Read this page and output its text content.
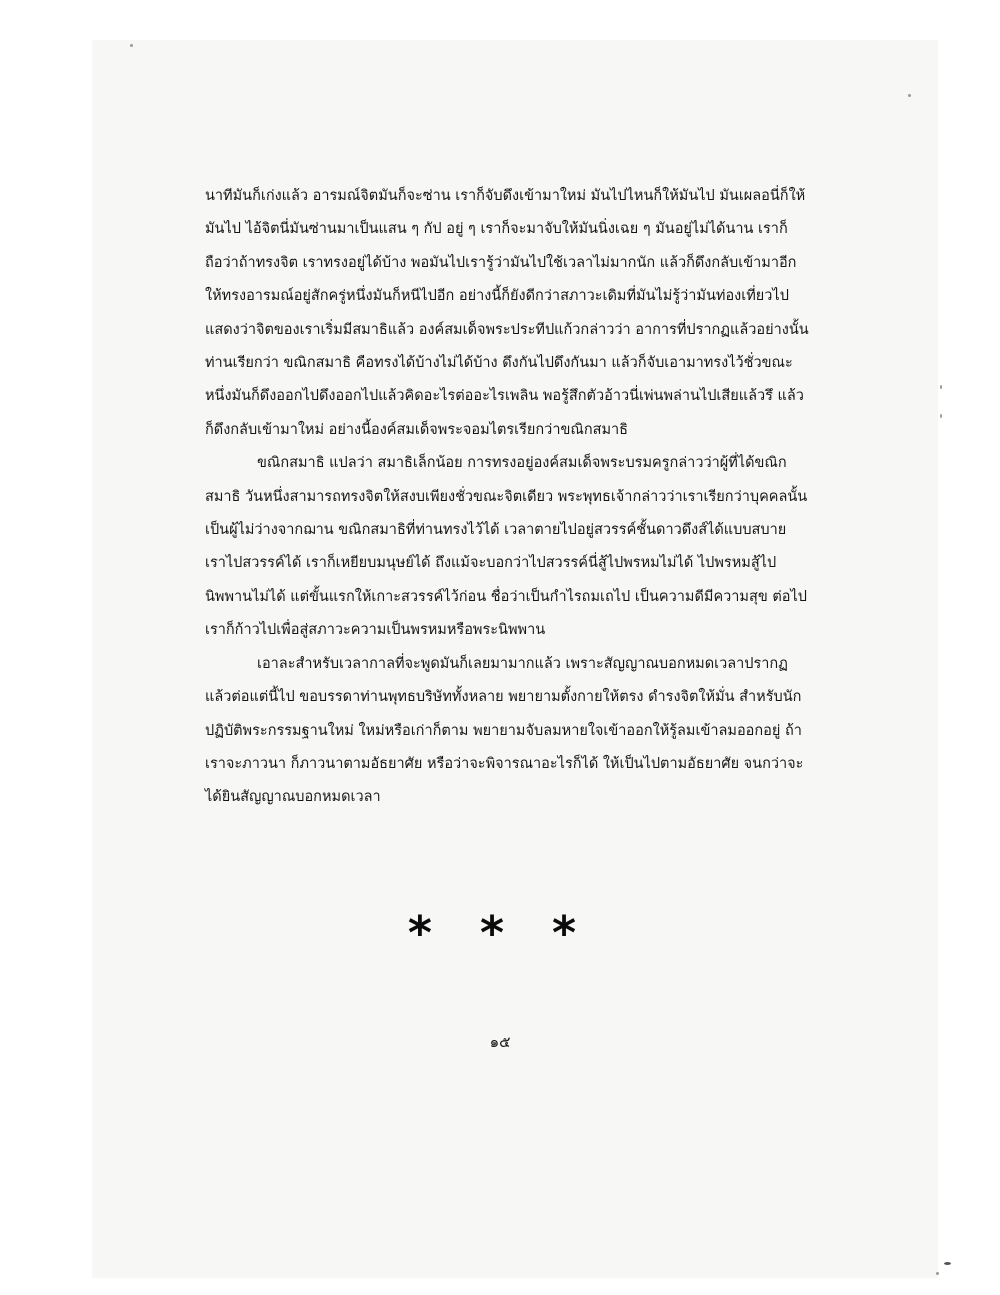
นาทีมันก็เก่งแล้ว อารมณ์จิตมันก็จะซ่าน เราก็จับดึงเข้ามาใหม่ มันไปไหนก็ให้มันไป มันเผลอนี่ก็ให้มันไป ไอ้จิตนี่มันซ่านมาเป็นแสน ๆ กัป อยู่ ๆ เราก็จะมาจับให้มันนิ่งเฉย ๆ มันอยู่ไม่ได้นาน เราก็ถือว่าถ้าทรงจิต เราทรงอยู่ได้บ้าง พอมันไปเรารู้ว่ามันไปใช้เวลาไม่มากนัก แล้วก็ดึงกลับเข้ามาอีกให้ทรงอารมณ์อยู่สักครู่หนึ่งมันก็หนีไปอีก อย่างนี้ก็ยังดีกว่าสภาวะเดิมที่มันไม่รู้ว่ามันท่องเที่ยวไป แสดงว่าจิตของเราเริ่มมีสมาธิแล้ว องค์สมเด็จพระประทีปแก้วกล่าวว่า อาการที่ปรากฏแล้วอย่างนั้นท่านเรียกว่า ขณิกสมาธิ คือทรงได้บ้างไม่ได้บ้าง ดึงกันไปดึงกันมา แล้วก็จับเอามาทรงไว้ชั่วขณะหนึ่งมันก็ดึงออกไปดึงออกไปแล้วคิดอะไรต่ออะไรเพลิน พอรู้สึกตัวอ้าวนี่เพ่นพล่านไปเสียแล้วรึ แล้วก็ดึงกลับเข้ามาใหม่ อย่างนี้องค์สมเด็จพระจอมไตรเรียกว่าขณิกสมาธิ

ขณิกสมาธิ แปลว่า สมาธิเล็กน้อย การทรงอยู่องค์สมเด็จพระบรมครูกล่าวว่าผู้ที่ได้ขณิกสมาธิ วันหนึ่งสามารถทรงจิตให้สงบเพียงชั่วขณะจิตเดียว พระพุทธเจ้ากล่าวว่าเราเรียกว่าบุคคลนั้นเป็นผู้ไม่ว่างจากฌาน ขณิกสมาธิที่ท่านทรงไว้ได้ เวลาตายไปอยู่สวรรค์ชั้นดาวดึงส์ได้แบบสบาย เราไปสวรรค์ได้ เราก็เหยียบมนุษย์ได้ ถึงแม้จะบอกว่าไปสวรรค์นี่สู้ไปพรหมไม่ได้ ไปพรหมสู้ไปนิพพานไม่ได้ แต่ขั้นแรกให้เกาะสวรรค์ไว้ก่อน ชื่อว่าเป็นกำไรถมเถไป เป็นความดีมีความสุข ต่อไปเราก็ก้าวไปเพื่อสู่สภาวะความเป็นพรหมหรือพระนิพพาน

เอาละสำหรับเวลากาลที่จะพูดมันก็เลยมามากแล้ว เพราะสัญญาณบอกหมดเวลาปรากฏแล้วต่อแต่นี้ไป ขอบรรดาท่านพุทธบริษัททั้งหลาย พยายามตั้งกายให้ตรง ดำรงจิตให้มั่น สำหรับนักปฏิบัติพระกรรมฐานใหม่ ใหม่หรือเก่าก็ตาม พยายามจับลมหายใจเข้าออกให้รู้ลมเข้าลมออกอยู่ ถ้าเราจะภาวนา ก็ภาวนาตามอัธยาศัย หรือว่าจะพิจารณาอะไรก็ได้ ให้เป็นไปตามอัธยาศัย จนกว่าจะได้ยินสัญญาณบอกหมดเวลา

* * *
๑๕
